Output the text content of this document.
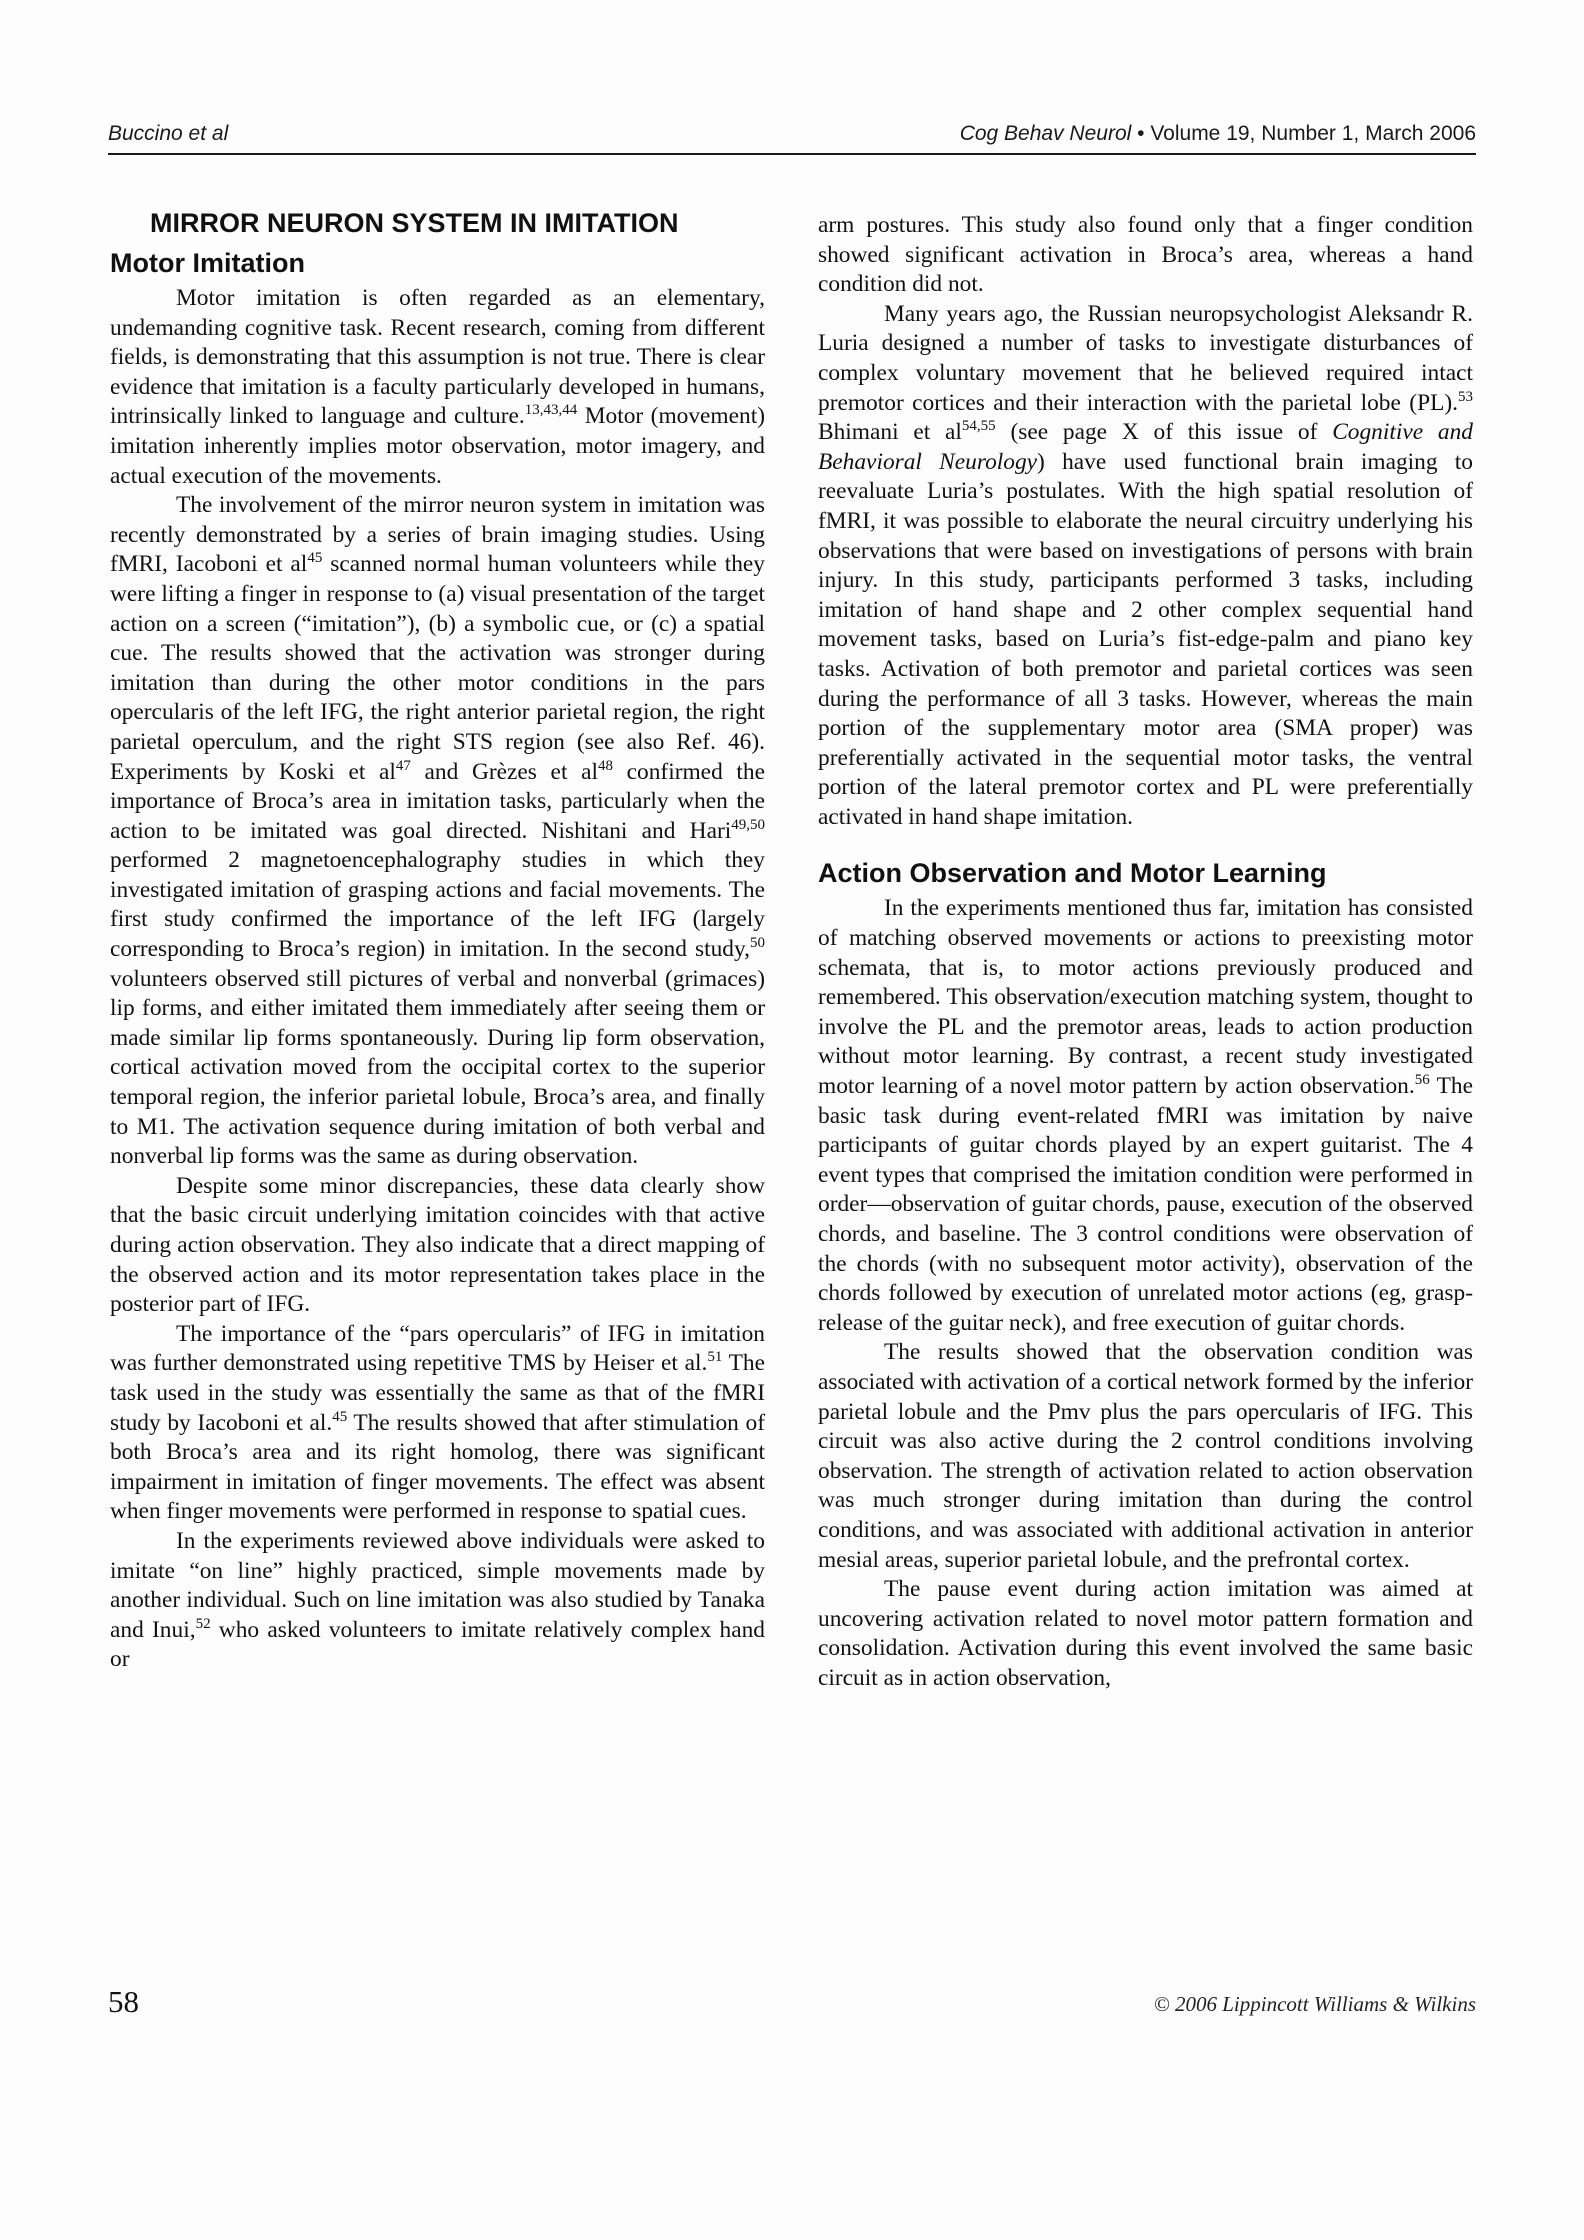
Buccino et al	Cog Behav Neurol • Volume 19, Number 1, March 2006
MIRROR NEURON SYSTEM IN IMITATION
Motor Imitation

Motor imitation is often regarded as an elementary, undemanding cognitive task. Recent research, coming from different fields, is demonstrating that this assumption is not true. There is clear evidence that imitation is a faculty particularly developed in humans, intrinsically linked to language and culture.$^{13,43,44}$ Motor (movement) imitation inherently implies motor observation, motor imagery, and actual execution of the movements.

The involvement of the mirror neuron system in imitation was recently demonstrated by a series of brain imaging studies. Using fMRI, Iacoboni et $al^{45}$ scanned normal human volunteers while they were lifting a finger in response to (a) visual presentation of the target action on a screen (“imitation”), (b) a symbolic cue, or (c) a spatial cue. The results showed that the activation was stronger during imitation than during the other motor conditions in the pars opercularis of the left IFG, the right anterior parietal region, the right parietal operculum, and the right STS region (see also Ref. 46). Experiments by Koski et $al^{47}$ and Grèzes et $al^{48}$ confirmed the importance of Broca’s area in imitation tasks, particularly when the action to be imitated was goal directed. Nishitani and Hari$^{49,50}$ performed 2 magnetoencephalography studies in which they investigated imitation of grasping actions and facial movements. The first study confirmed the importance of the left IFG (largely corresponding to Broca’s region) in imitation. In the second study,$^{50}$ volunteers observed still pictures of verbal and nonverbal (grimaces) lip forms, and either imitated them immediately after seeing them or made similar lip forms spontaneously. During lip form observation, cortical activation moved from the occipital cortex to the superior temporal region, the inferior parietal lobule, Broca’s area, and finally to M1. The activation sequence during imitation of both verbal and nonverbal lip forms was the same as during observation.

Despite some minor discrepancies, these data clearly show that the basic circuit underlying imitation coincides with that active during action observation. They also indicate that a direct mapping of the observed action and its motor representation takes place in the posterior part of IFG.

The importance of the “pars opercularis” of IFG in imitation was further demonstrated using repetitive TMS by Heiser et al.$^{51}$ The task used in the study was essentially the same as that of the fMRI study by Iacoboni et al.$^{45}$ The results showed that after stimulation of both Broca’s area and its right homolog, there was significant impairment in imitation of finger movements. The effect was absent when finger movements were performed in response to spatial cues.

In the experiments reviewed above individuals were asked to imitate “on line” highly practiced, simple movements made by another individual. Such on line imitation was also studied by Tanaka and Inui,$^{52}$ who asked volunteers to imitate relatively complex hand or

arm postures. This study also found only that a finger condition showed significant activation in Broca’s area, whereas a hand condition did not.

Many years ago, the Russian neuropsychologist Aleksandr R. Luria designed a number of tasks to investigate disturbances of complex voluntary movement that he believed required intact premotor cortices and their interaction with the parietal lobe (PL).$^{53}$ Bhimani et al$^{54,55}$ (see page X of this issue of Cognitive and Behavioral Neurology) have used functional brain imaging to reevaluate Luria’s postulates. With the high spatial resolution of fMRI, it was possible to elaborate the neural circuitry underlying his observations that were based on investigations of persons with brain injury. In this study, participants performed 3 tasks, including imitation of hand shape and 2 other complex sequential hand movement tasks, based on Luria’s fist-edge-palm and piano key tasks. Activation of both premotor and parietal cortices was seen during the performance of all 3 tasks. However, whereas the main portion of the supplementary motor area (SMA proper) was preferentially activated in the sequential motor tasks, the ventral portion of the lateral premotor cortex and PL were preferentially activated in hand shape imitation.

Action Observation and Motor Learning

In the experiments mentioned thus far, imitation has consisted of matching observed movements or actions to preexisting motor schemata, that is, to motor actions previously produced and remembered. This observation/execution matching system, thought to involve the PL and the premotor areas, leads to action production without motor learning. By contrast, a recent study investigated motor learning of a novel motor pattern by action observation.$^{56}$ The basic task during event-related fMRI was imitation by naive participants of guitar chords played by an expert guitarist. The 4 event types that comprised the imitation condition were performed in order—observation of guitar chords, pause, execution of the observed chords, and baseline. The 3 control conditions were observation of the chords (with no subsequent motor activity), observation of the chords followed by execution of unrelated motor actions (eg, grasp-release of the guitar neck), and free execution of guitar chords.

The results showed that the observation condition was associated with activation of a cortical network formed by the inferior parietal lobule and the Pmv plus the pars opercularis of IFG. This circuit was also active during the 2 control conditions involving observation. The strength of activation related to action observation was much stronger during imitation than during the control conditions, and was associated with additional activation in anterior mesial areas, superior parietal lobule, and the prefrontal cortex.

The pause event during action imitation was aimed at uncovering activation related to novel motor pattern formation and consolidation. Activation during this event involved the same basic circuit as in action observation,

58	© 2006 Lippincott Williams & Wilkins
